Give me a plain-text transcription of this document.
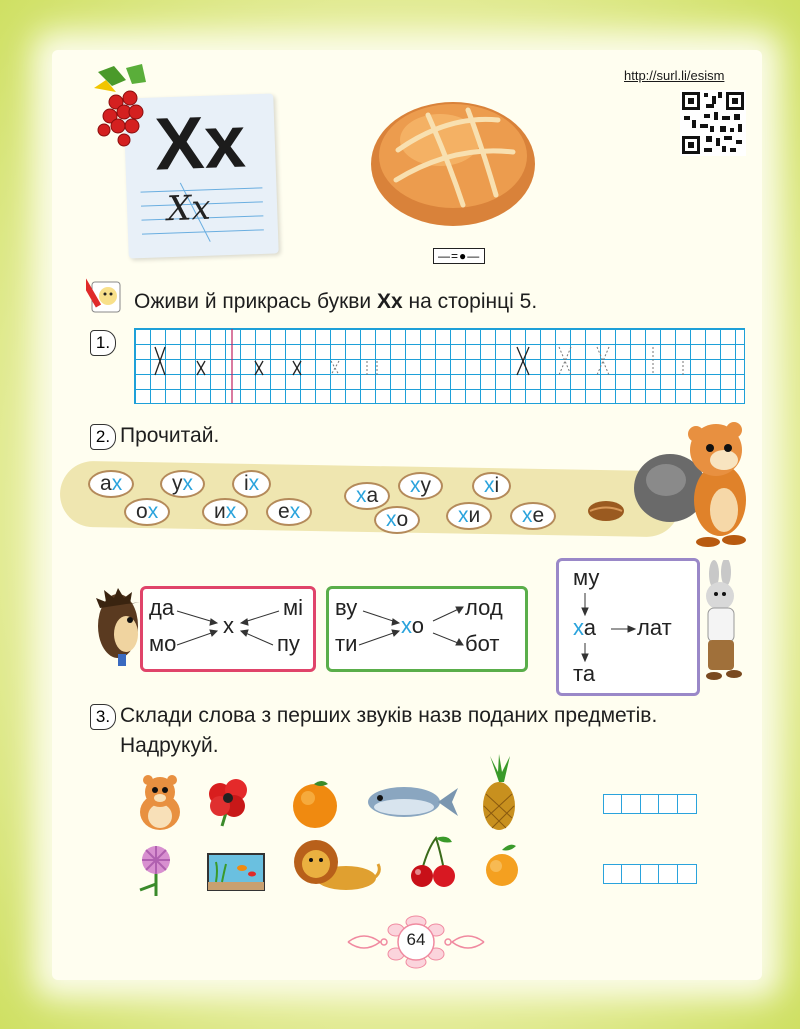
http://surl.li/esism
Хх
Хх
—=●—
Оживи й прикрась букви Хх на сторінці 5.
1.
2. Прочитай.
а х у х і х
о х	и х е х
х а х у	х і
х о х и х е
да
мо
х
мі
пу
ву
ти
хо
лод
бот
му
ха лат
та
3. Склади слова з перших звуків назв поданих предметів.
Надрукуй.
64
